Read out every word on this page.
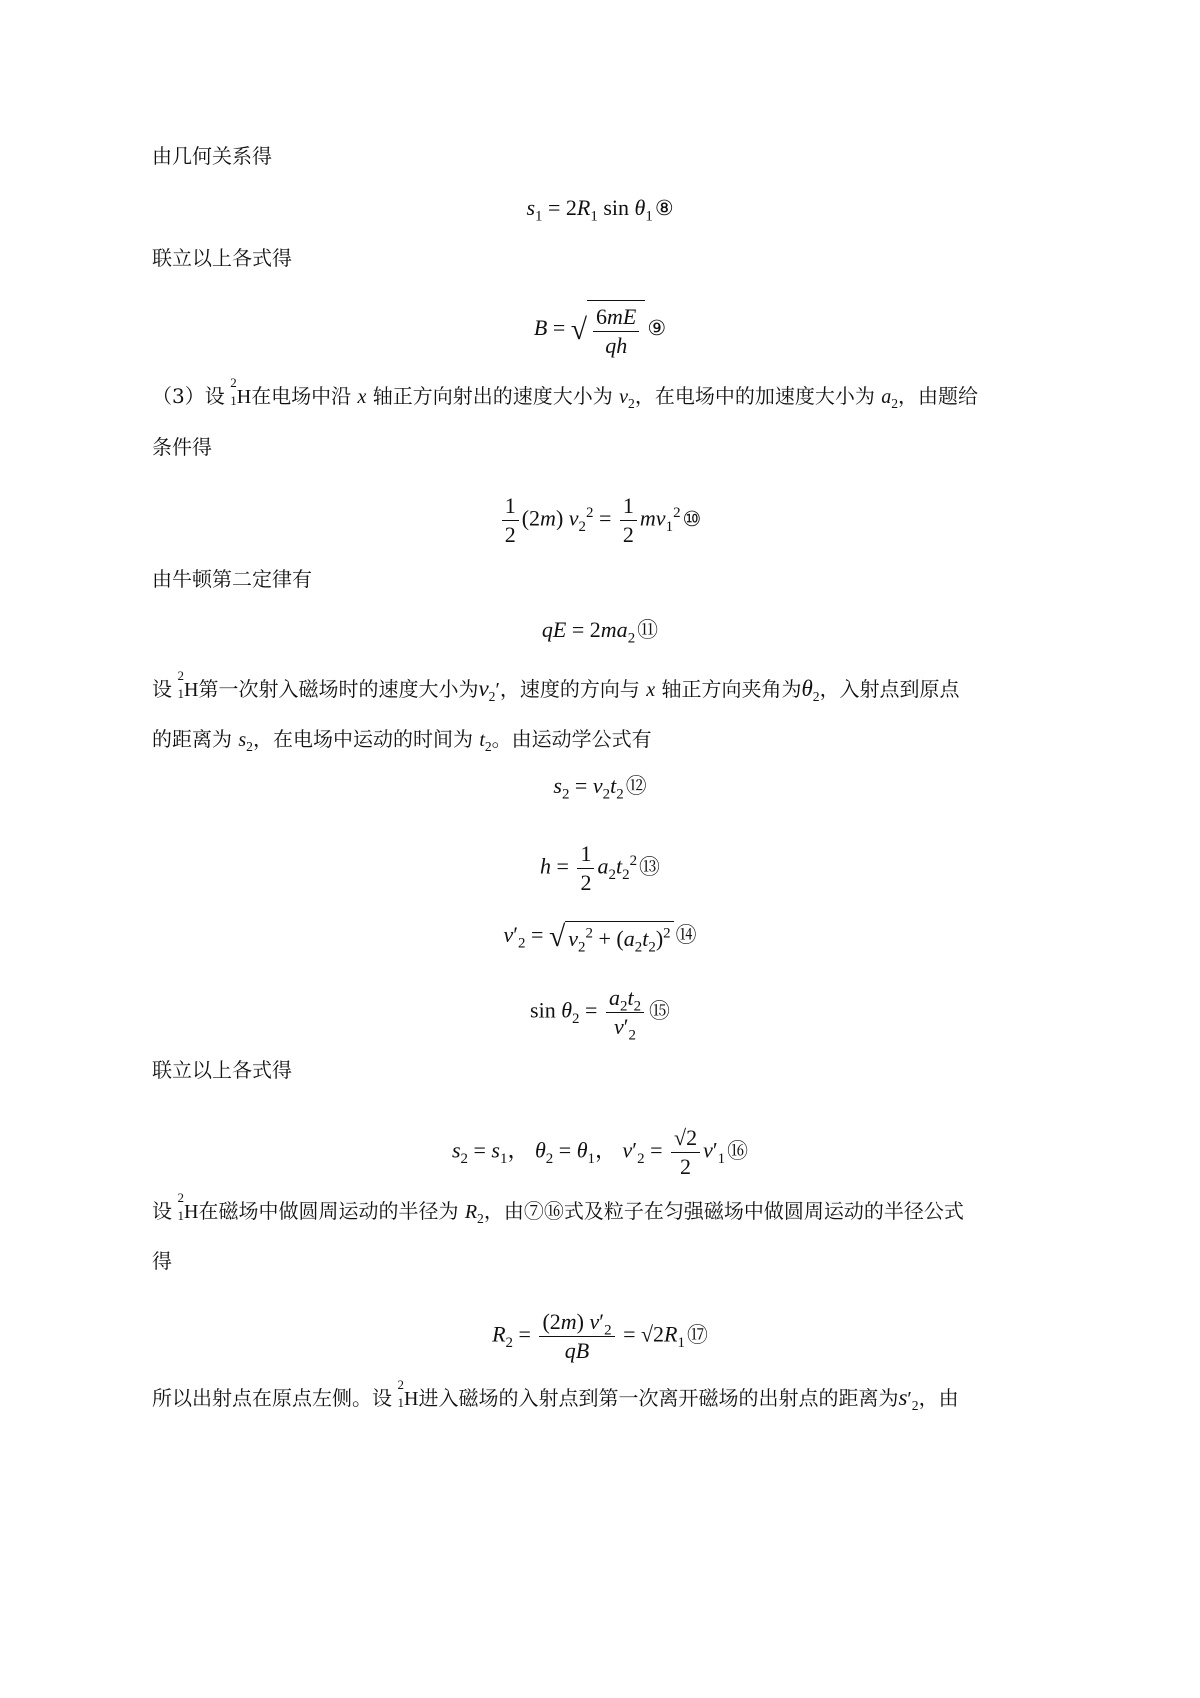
由几何关系得
$s_1 = 2R_1$ $\sin \theta_1⑧$
联立以上各式得
B = √ $\frac{6mE}{qh}$ ⑨
（3）设
2
1 H在电场中沿 x 轴正方向射出的速度大小为 $v_2$，在电场中的加速度大小为 $a_2$，由题给
条件得
$\frac{1}{2} (2m) v_2^2 = \frac{1}{2}$ $mv_1^2⑩$
由牛顿第二定律有
qE = $2ma_2⑪$
设
2
1 H第一次射入磁场时的速度大小为$v_2'$，速度的方向与 x 轴正方向夹角为$\theta_2$，入射点到原点
的距离为 $s_2$，在电场中运动的时间为 $t_2$。由运动学公式有
$s_2$ = $v_2t_2⑫$
$h = \frac{1}{2}$ $a_2t_2^2⑬$
$v'_2$ = √ $v_2^2 + (a_2t_2)^2$ ⑭
$\sin \theta_2 = \frac{a_2t_2}{v'_2}$ ⑮
联立以上各式得
$s_2 = s_1$， $\theta_2 = \theta_1$， $v'_2 = \frac{√2}{2}$ $v'_1⑯$
设
2
1 H在磁场中做圆周运动的半径为 $R_2$，由⑦⑯式及粒子在匀强磁场中做圆周运动的半径公式
得
$R_2 = \frac{(2m) v'_2}{qB}$ = $√2R_1⑰$
所以出射点在原点左侧。设
2
1 H进入磁场的入射点到第一次离开磁场的出射点的距离为$s'_2$，由
